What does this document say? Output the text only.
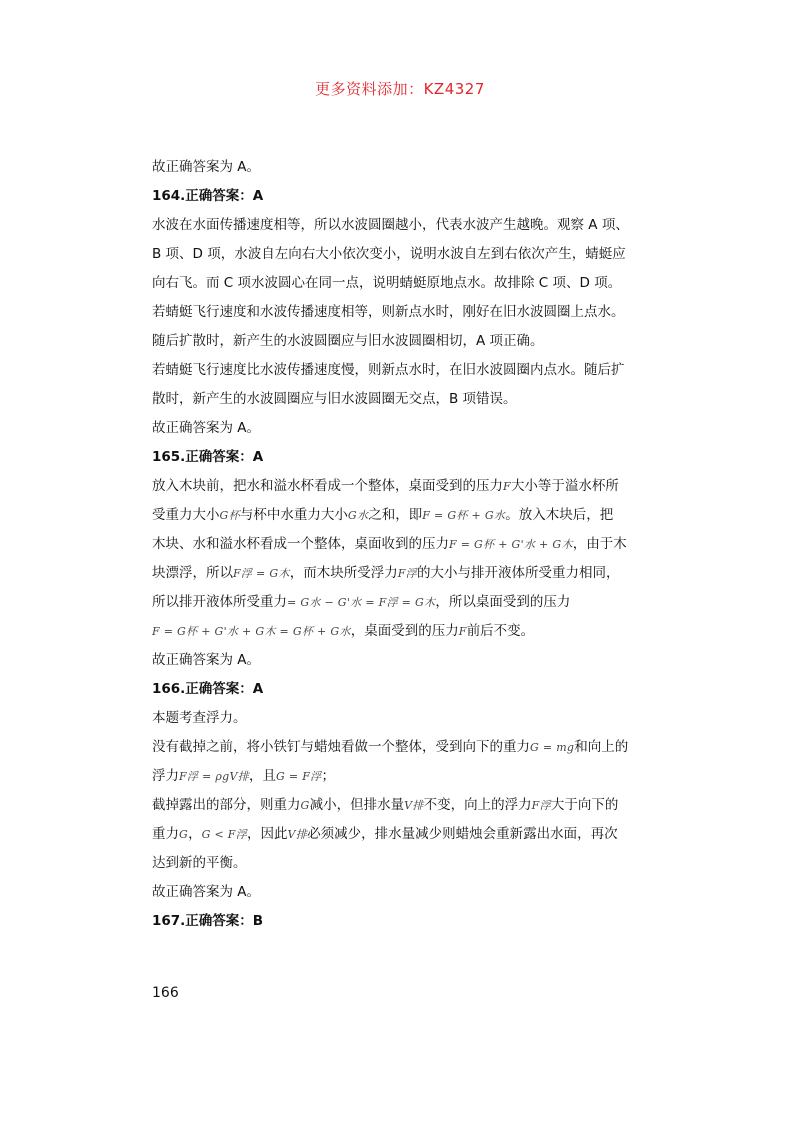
更多资料添加：KZ4327

故正确答案为 A。

164.正确答案：A

水波在水面传播速度相等，所以水波圆圈越小，代表水波产生越晚。观察 A 项、

B 项、D 项，水波自左向右大小依次变小，说明水波自左到右依次产生，蜻蜓应

向右飞。而 C 项水波圆心在同一点，说明蜻蜓原地点水。故排除 C 项、D 项。

若蜻蜓飞行速度和水波传播速度相等，则新点水时，刚好在旧水波圆圈上点水。

随后扩散时，新产生的水波圆圈应与旧水波圆圈相切，A 项正确。

若蜻蜓飞行速度比水波传播速度慢，则新点水时，在旧水波圆圈内点水。随后扩

散时，新产生的水波圆圈应与旧水波圆圈无交点，B 项错误。

故正确答案为 A。

165.正确答案：A

放入木块前，把水和溢水杯看成一个整体，桌面受到的压力F大小等于溢水杯所

受重力大小G杯与杯中水重力大小G水之和，即F = G杯 + G水。放入木块后，把

木块、水和溢水杯看成一个整体，桌面收到的压力F = G杯 + G'水 + G木，由于木

块漂浮，所以F浮 = G木，而木块所受浮力F浮的大小与排开液体所受重力相同，

所以排开液体所受重力= G水 − G'水 = F浮 = G木，所以桌面受到的压力

F = G杯 + G'水 + G木 = G杯 + G水，桌面受到的压力F前后不变。

故正确答案为 A。

166.正确答案：A

本题考查浮力。

没有截掉之前，将小铁钉与蜡烛看做一个整体，受到向下的重力G = mg和向上的

浮力F浮 = ρgV排，且G = F浮；

截掉露出的部分，则重力G减小，但排水量V排不变，向上的浮力F浮大于向下的

重力G，G < F浮，因此V排必须减少，排水量减少则蜡烛会重新露出水面，再次

达到新的平衡。

故正确答案为 A。

167.正确答案：B

166
